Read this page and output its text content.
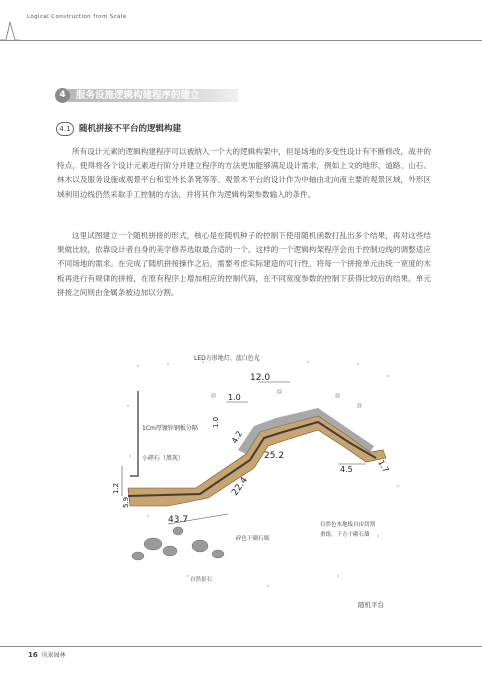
Logical Construction from Scale
4	服务设施逻辑构建程序的建立
4.1 随机拼接不平台的逻辑构建

所有设计元素的逻辑构建程序可以被纳入一个大的逻辑构架中，但是场地的多变性设计有不断修改，战井的特点，使得将各个设计元素进行阶分并建立程序的方法更加能够满足设计需求，例如上文的地形、道路、山石、林木以及服务设施或观景平台和室外长条凳等等。观景木平台的设计作为中轴由北向南主要的观景区域，外形区域利用边线仍然采取手工控制的方法，并将其作为逻辑构架参数输入的条件。

这里试图建立一个随机拼接的形式，核心是在随机种子的控制下使用随机函数打乱出多个结果，再对这些结果做比较，依靠设计者自身的美学修养选取最合适的一个。这样的一个逻辑构架程序会由于控制边线的调整适应不同场地的需求。在完成了随机拼接操作之后，需要考虑实际建造的可行性，将每一个拼接单元由统一宽度的木板再进行有规律的拼接，在原有程序上增加相应的控制代码，在不同宽度参数的控制下获得比较后的结果。单元拼接之间则由金属条被边加以分割。

LED方形地灯、蓝白色光
1Cm厚镀锌钢板分隔
小碎石（黑灰）
自然色木地板自由切割
重组，下方干砌石墙
碎色干砌石墙
自然景石
12.0
1.0
1.0
4.2
25.2
4.5	1.7
22.4
1.2
5.9
43.7
随机平台
16 风景园林
